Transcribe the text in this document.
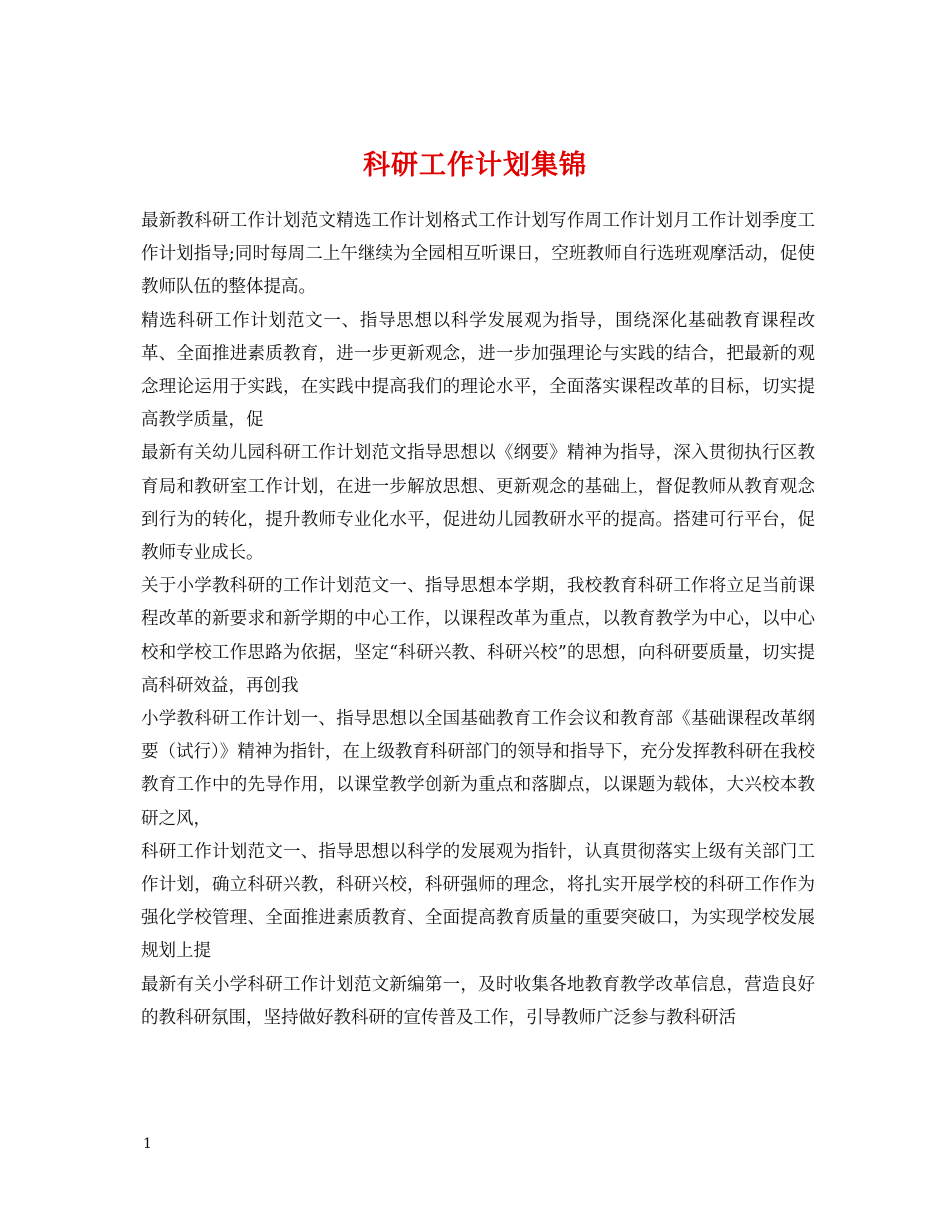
科研工作计划集锦

最新教科研工作计划范文精选工作计划格式工作计划写作周工作计划月工作计划季度工作计划指导;同时每周二上午继续为全园相互听课日，空班教师自行选班观摩活动，促使教师队伍的整体提高。

精选科研工作计划范文一、指导思想以科学发展观为指导，围绕深化基础教育课程改革、全面推进素质教育，进一步更新观念，进一步加强理论与实践的结合，把最新的观念理论运用于实践，在实践中提高我们的理论水平，全面落实课程改革的目标，切实提高教学质量，促

最新有关幼儿园科研工作计划范文指导思想以《纲要》精神为指导，深入贯彻执行区教育局和教研室工作计划，在进一步解放思想、更新观念的基础上，督促教师从教育观念到行为的转化，提升教师专业化水平，促进幼儿园教研水平的提高。搭建可行平台，促教师专业成长。

关于小学教科研的工作计划范文一、指导思想本学期，我校教育科研工作将立足当前课程改革的新要求和新学期的中心工作，以课程改革为重点，以教育教学为中心，以中心校和学校工作思路为依据，坚定“科研兴教、科研兴校”的思想，向科研要质量，切实提高科研效益，再创我

小学教科研工作计划一、指导思想以全国基础教育工作会议和教育部《基础课程改革纲要（试行）》精神为指针，在上级教育科研部门的领导和指导下，充分发挥教科研在我校教育工作中的先导作用，以课堂教学创新为重点和落脚点，以课题为载体，大兴校本教研之风，

科研工作计划范文一、指导思想以科学的发展观为指针，认真贯彻落实上级有关部门工作计划，确立科研兴教，科研兴校，科研强师的理念，将扎实开展学校的科研工作作为强化学校管理、全面推进素质教育、全面提高教育质量的重要突破口，为实现学校发展规划上提

最新有关小学科研工作计划范文新编第一，及时收集各地教育教学改革信息，营造良好的教科研氛围，坚持做好教科研的宣传普及工作，引导教师广泛参与教科研活

1
